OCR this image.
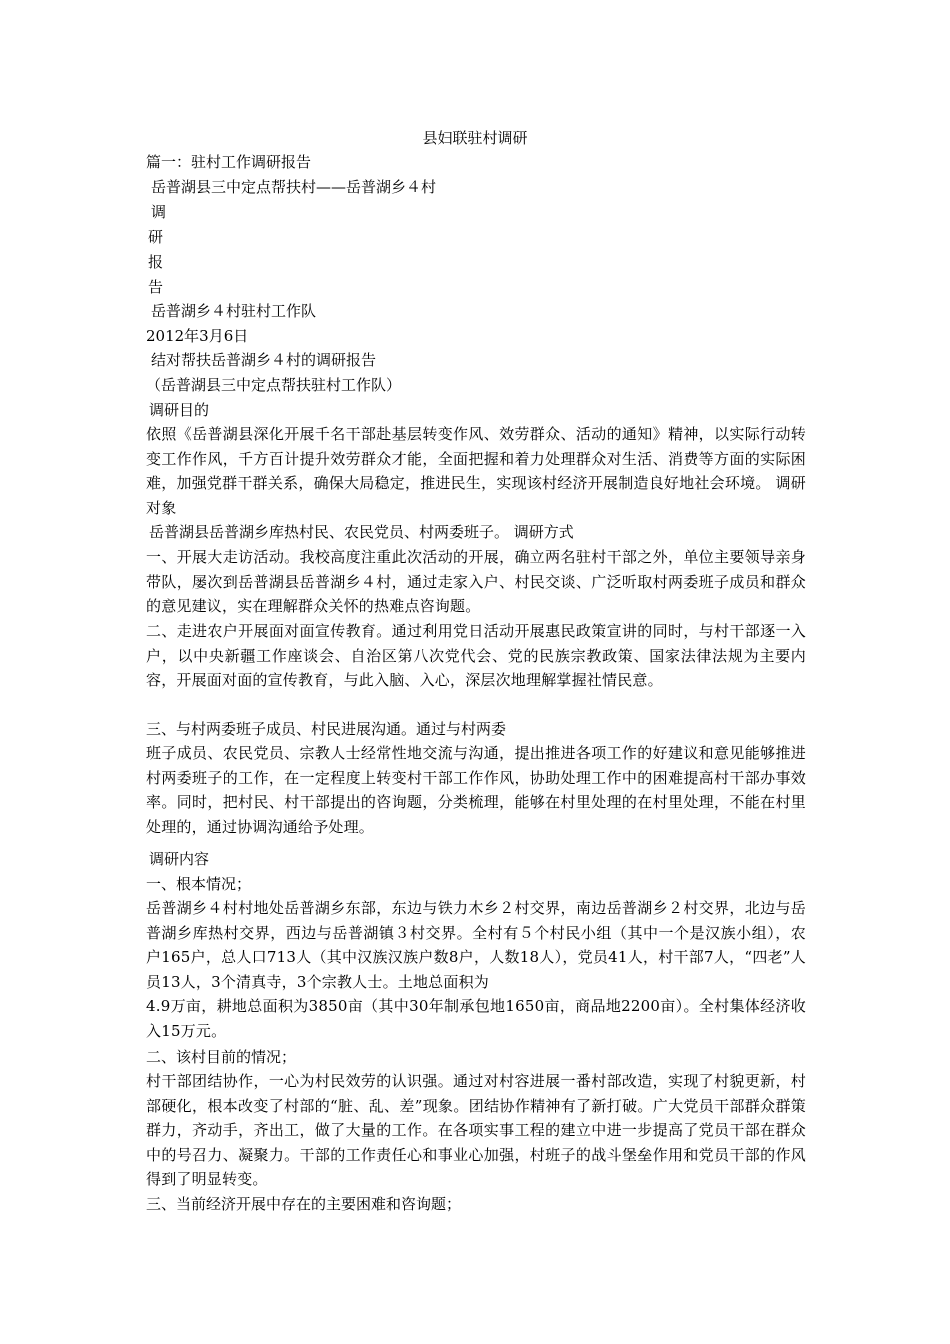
县妇联驻村调研
篇一：驻村工作调研报告
岳普湖县三中定点帮扶村——岳普湖乡４村
调
研
报
告
岳普湖乡４村驻村工作队
2012年3月6日
结对帮扶岳普湖乡４村的调研报告
（岳普湖县三中定点帮扶驻村工作队）
调研目的
依照《岳普湖县深化开展千名干部赴基层转变作风、效劳群众、活动的通知》精神，以实际行动转变工作作风，千方百计提升效劳群众才能，全面把握和着力处理群众对生活、消费等方面的实际困难，加强党群干群关系，确保大局稳定，推进民生，实现该村经济开展制造良好地社会环境。 调研对象
岳普湖县岳普湖乡库热村民、农民党员、村两委班子。 调研方式
一、开展大走访活动。我校高度注重此次活动的开展，确立两名驻村干部之外，单位主要领导亲身带队，屡次到岳普湖县岳普湖乡４村，通过走家入户、村民交谈、广泛听取村两委班子成员和群众的意见建议，实在理解群众关怀的热难点咨询题。
二、走进农户开展面对面宣传教育。通过利用党日活动开展惠民政策宣讲的同时，与村干部逐一入户，以中央新疆工作座谈会、自治区第八次党代会、党的民族宗教政策、国家法律法规为主要内容，开展面对面的宣传教育，与此入脑、入心，深层次地理解掌握社情民意。
三、与村两委班子成员、村民进展沟通。通过与村两委
班子成员、农民党员、宗教人士经常性地交流与沟通，提出推进各项工作的好建议和意见能够推进村两委班子的工作，在一定程度上转变村干部工作作风，协助处理工作中的困难提高村干部办事效率。同时，把村民、村干部提出的咨询题，分类梳理，能够在村里处理的在村里处理，不能在村里处理的，通过协调沟通给予处理。
调研内容
一、根本情况；
岳普湖乡４村村地处岳普湖乡东部，东边与铁力木乡２村交界，南边岳普湖乡２村交界，北边与岳普湖乡库热村交界，西边与岳普湖镇３村交界。全村有５个村民小组（其中一个是汉族小组），农户165户，总人口713人（其中汉族汉族户数8户，人数18人），党员41人，村干部7人，“四老”人员13人，3个清真寺，3个宗教人士。土地总面积为
4.9万亩，耕地总面积为3850亩（其中30年制承包地1650亩，商品地2200亩）。全村集体经济收入15万元。
二、该村目前的情况；
村干部团结协作，一心为村民效劳的认识强。通过对村容进展一番村部改造，实现了村貌更新，村部硬化，根本改变了村部的“脏、乱、差”现象。团结协作精神有了新打破。广大党员干部群众群策群力，齐动手，齐出工，做了大量的工作。在各项实事工程的建立中进一步提高了党员干部在群众中的号召力、凝聚力。干部的工作责任心和事业心加强，村班子的战斗堡垒作用和党员干部的作风得到了明显转变。
三、当前经济开展中存在的主要困难和咨询题；
